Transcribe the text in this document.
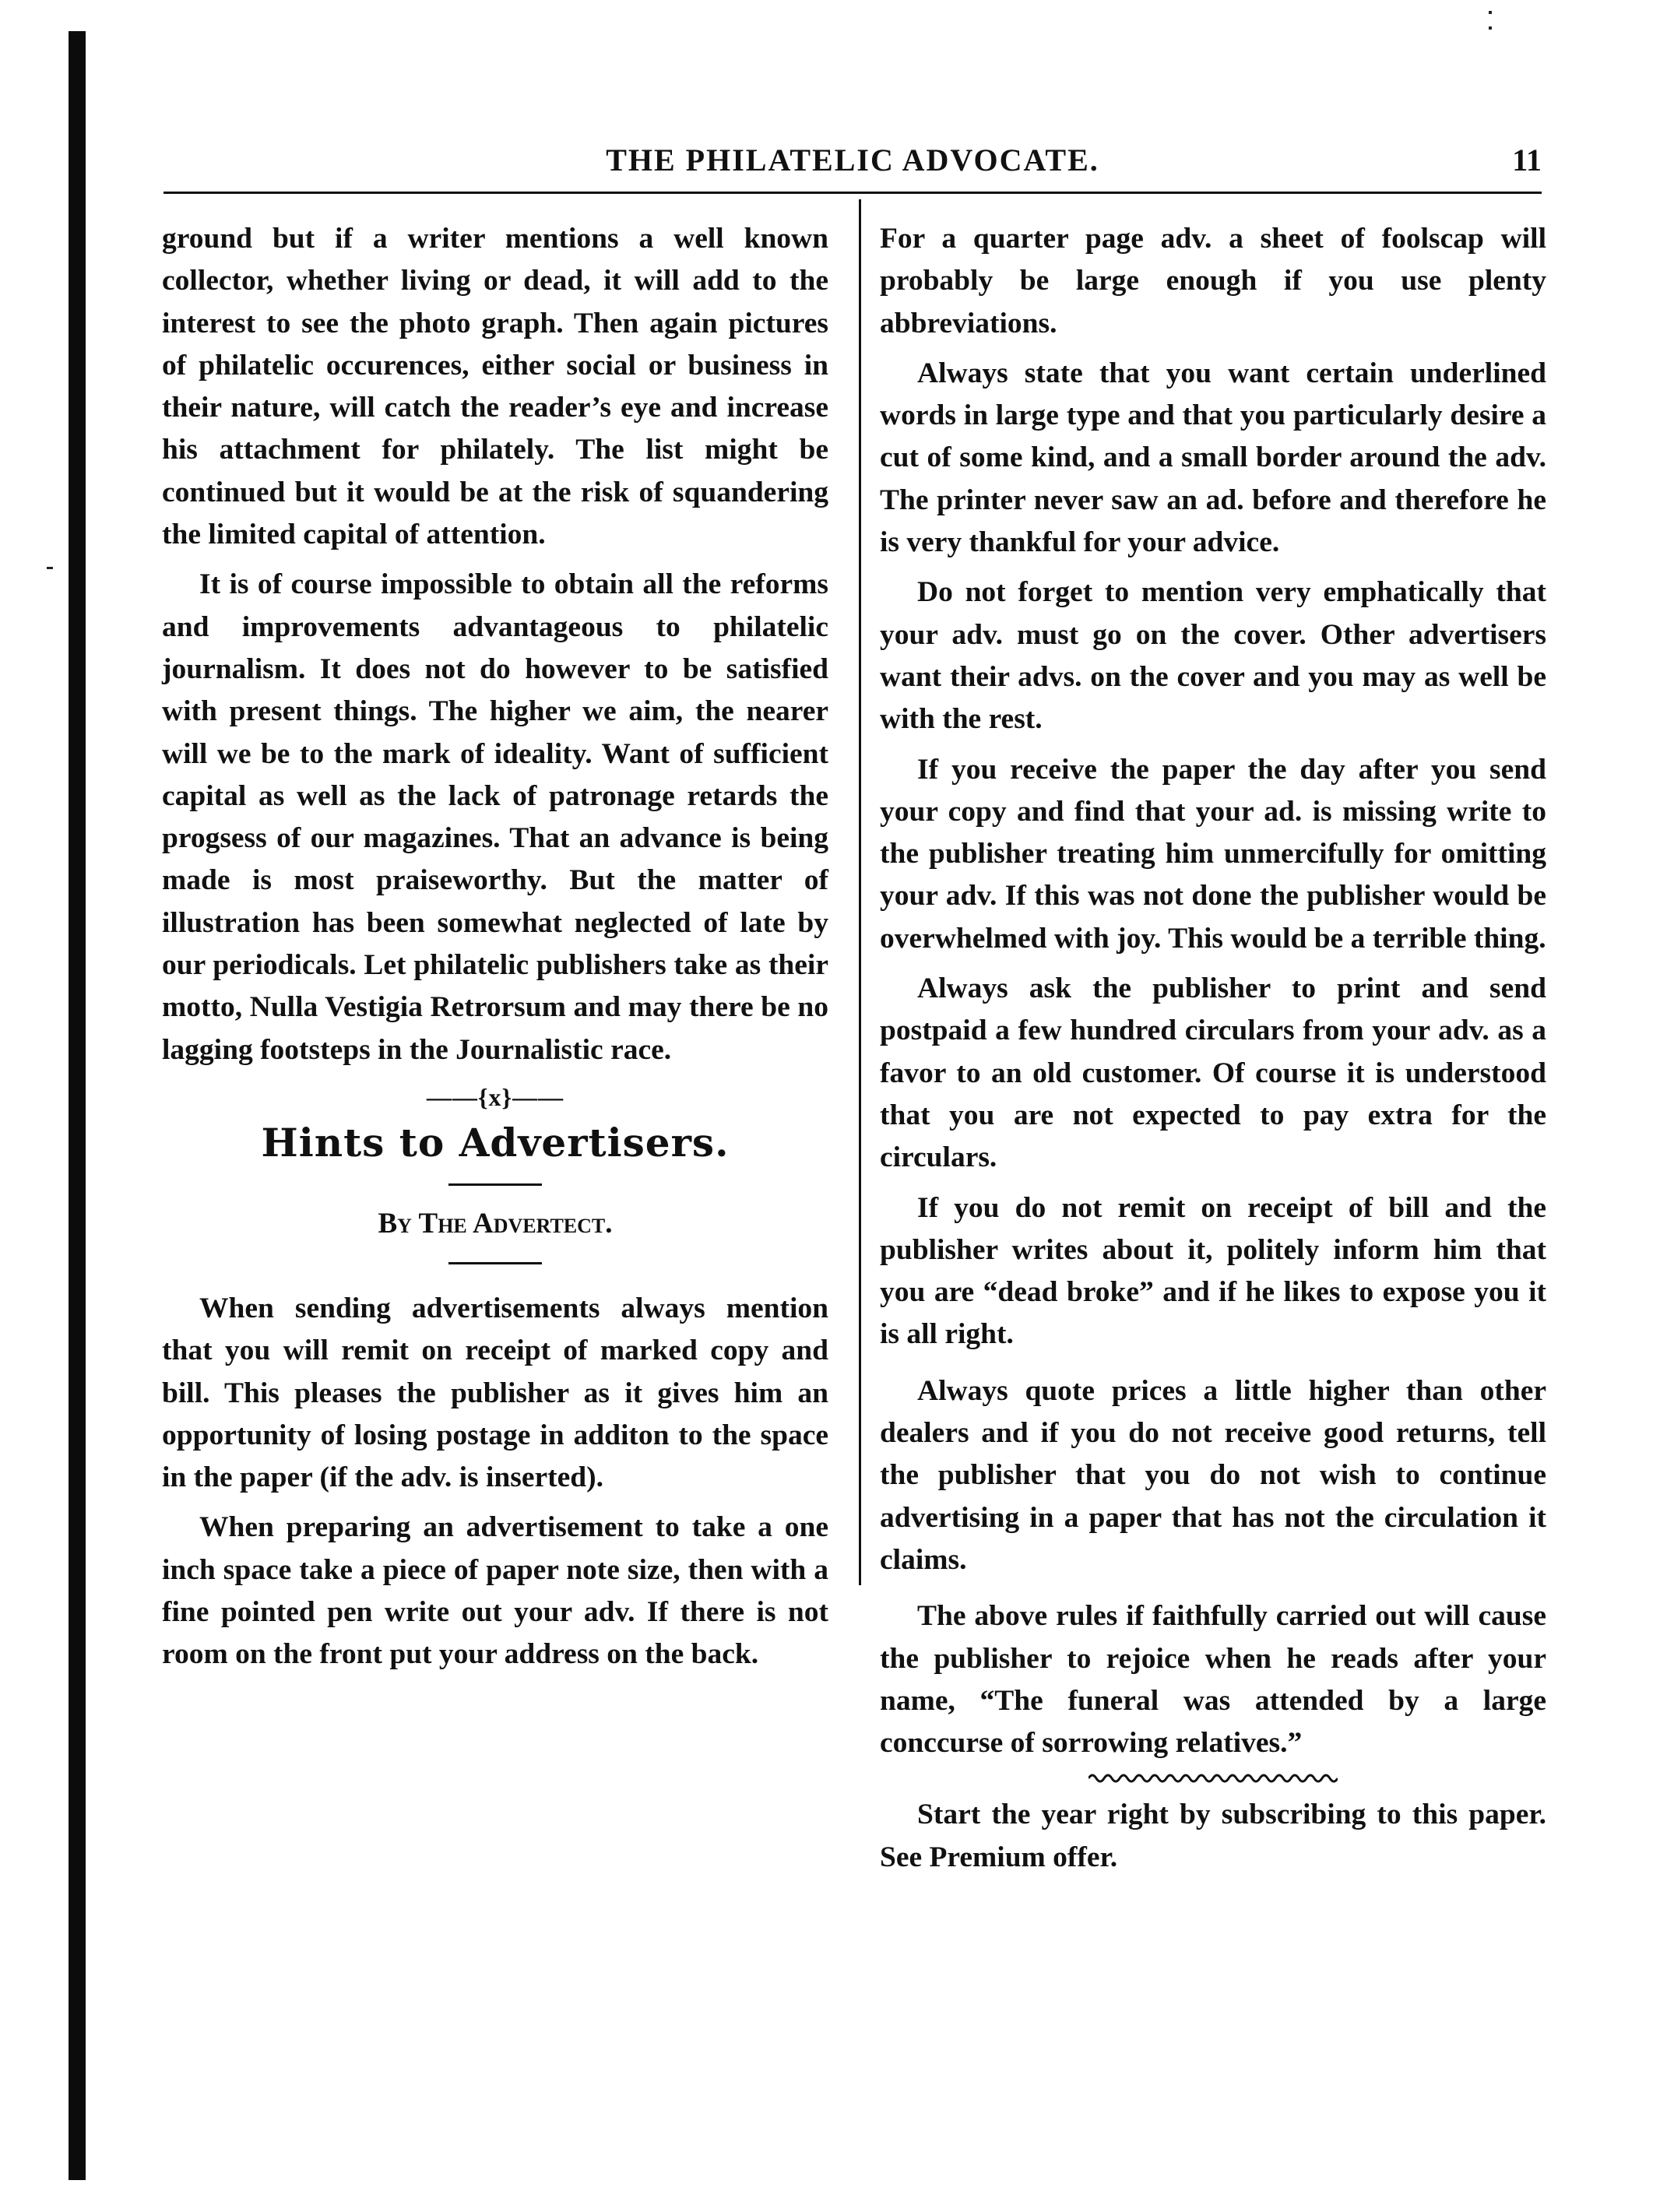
THE PHILATELIC ADVOCATE.	11

ground but if a writer mentions a well known collector, whether living or dead, it will add to the interest to see the photo graph. Then again pictures of philatelic occurences, either social or business in their nature, will catch the reader’s eye and increase his attachment for philately. The list might be continued but it would be at the risk of squandering the limited capital of attention.

It is of course impossible to obtain all the reforms and improvements advantageous to philatelic journalism. It does not do however to be satisfied with present things. The higher we aim, the nearer will we be to the mark of ideality. Want of sufficient capital as well as the lack of patronage retards the progsess of our magazines. That an advance is being made is most praiseworthy. But the matter of illustration has been somewhat neglected of late by our periodicals. Let philatelic publishers take as their motto, Nulla Vestigia Retrorsum and may there be no lagging footsteps in the Journalistic race.

——{x}——
Hints to Advertisers.
By The Advertect.

When sending advertisements always mention that you will remit on receipt of marked copy and bill. This pleases the publisher as it gives him an opportunity of losing postage in additon to the space in the paper (if the adv. is inserted).

When preparing an advertisement to take a one inch space take a piece of paper note size, then with a fine pointed pen write out your adv. If there is not room on the front put your address on the back.

For a quarter page adv. a sheet of foolscap will probably be large enough if you use plenty abbreviations.

Always state that you want certain underlined words in large type and that you particularly desire a cut of some kind, and a small border around the adv. The printer never saw an ad. before and therefore he is very thankful for your advice.

Do not forget to mention very emphatically that your adv. must go on the cover. Other advertisers want their advs. on the cover and you may as well be with the rest.

If you receive the paper the day after you send your copy and find that your ad. is missing write to the publisher treating him unmercifully for omitting your adv. If this was not done the publisher would be overwhelmed with joy. This would be a terrible thing.

Always ask the publisher to print and send postpaid a few hundred circulars from your adv. as a favor to an old customer. Of course it is understood that you are not expected to pay extra for the circulars.

If you do not remit on receipt of bill and the publisher writes about it, politely inform him that you are “dead broke” and if he likes to expose you it is all right.

Always quote prices a little higher than other dealers and if you do not receive good returns, tell the publisher that you do not wish to continue advertising in a paper that has not the circulation it claims.

The above rules if faithfully carried out will cause the publisher to rejoice when he reads after your name, “The funeral was attended by a large conccurse of sorrowing relatives.”

Start the year right by subscribing to this paper. See Premium offer.
